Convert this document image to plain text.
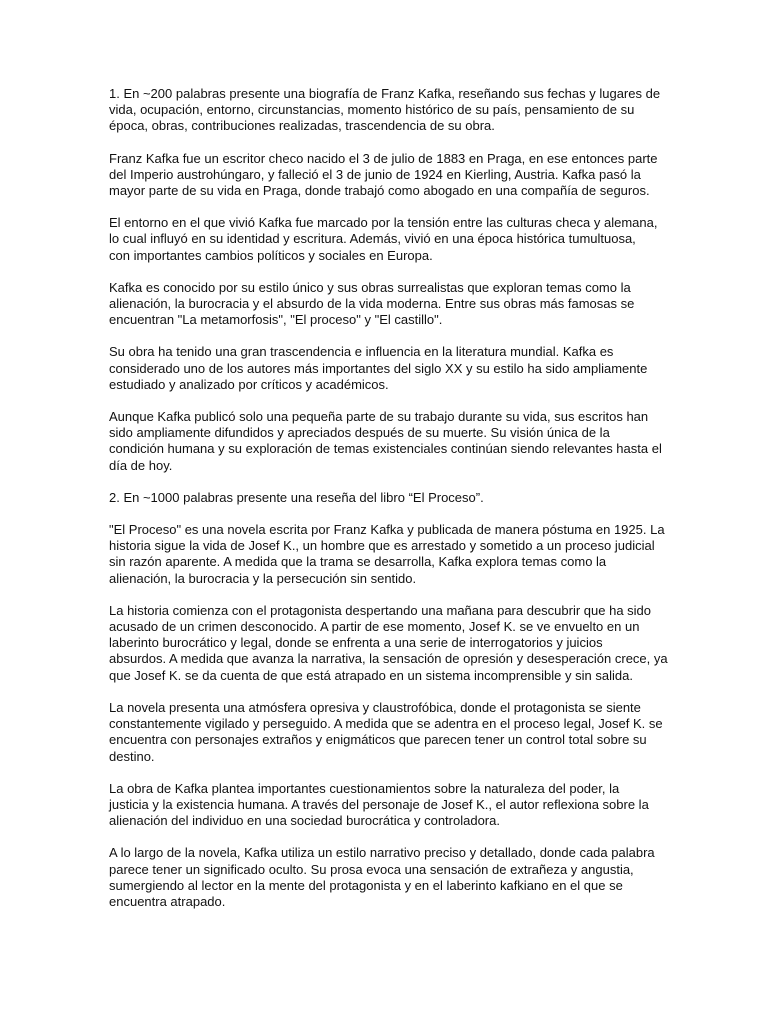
1. En ~200 palabras presente una biografía de Franz Kafka, reseñando sus fechas y lugares de
vida, ocupación, entorno, circunstancias, momento histórico de su país, pensamiento de su
época, obras, contribuciones realizadas, trascendencia de su obra.

Franz Kafka fue un escritor checo nacido el 3 de julio de 1883 en Praga, en ese entonces parte
del Imperio austrohúngaro, y falleció el 3 de junio de 1924 en Kierling, Austria. Kafka pasó la
mayor parte de su vida en Praga, donde trabajó como abogado en una compañía de seguros.

El entorno en el que vivió Kafka fue marcado por la tensión entre las culturas checa y alemana,
lo cual influyó en su identidad y escritura. Además, vivió en una época histórica tumultuosa,
con importantes cambios políticos y sociales en Europa.

Kafka es conocido por su estilo único y sus obras surrealistas que exploran temas como la
alienación, la burocracia y el absurdo de la vida moderna. Entre sus obras más famosas se
encuentran "La metamorfosis", "El proceso" y "El castillo".

Su obra ha tenido una gran trascendencia e influencia en la literatura mundial. Kafka es
considerado uno de los autores más importantes del siglo XX y su estilo ha sido ampliamente
estudiado y analizado por críticos y académicos.

Aunque Kafka publicó solo una pequeña parte de su trabajo durante su vida, sus escritos han
sido ampliamente difundidos y apreciados después de su muerte. Su visión única de la
condición humana y su exploración de temas existenciales continúan siendo relevantes hasta el
día de hoy.

2. En ~1000 palabras presente una reseña del libro “El Proceso”.

"El Proceso" es una novela escrita por Franz Kafka y publicada de manera póstuma en 1925. La
historia sigue la vida de Josef K., un hombre que es arrestado y sometido a un proceso judicial
sin razón aparente. A medida que la trama se desarrolla, Kafka explora temas como la
alienación, la burocracia y la persecución sin sentido.

La historia comienza con el protagonista despertando una mañana para descubrir que ha sido
acusado de un crimen desconocido. A partir de ese momento, Josef K. se ve envuelto en un
laberinto burocrático y legal, donde se enfrenta a una serie de interrogatorios y juicios
absurdos. A medida que avanza la narrativa, la sensación de opresión y desesperación crece, ya
que Josef K. se da cuenta de que está atrapado en un sistema incomprensible y sin salida.

La novela presenta una atmósfera opresiva y claustrofóbica, donde el protagonista se siente
constantemente vigilado y perseguido. A medida que se adentra en el proceso legal, Josef K. se
encuentra con personajes extraños y enigmáticos que parecen tener un control total sobre su
destino.

La obra de Kafka plantea importantes cuestionamientos sobre la naturaleza del poder, la
justicia y la existencia humana. A través del personaje de Josef K., el autor reflexiona sobre la
alienación del individuo en una sociedad burocrática y controladora.

A lo largo de la novela, Kafka utiliza un estilo narrativo preciso y detallado, donde cada palabra
parece tener un significado oculto. Su prosa evoca una sensación de extrañeza y angustia,
sumergiendo al lector en la mente del protagonista y en el laberinto kafkiano en el que se
encuentra atrapado.
